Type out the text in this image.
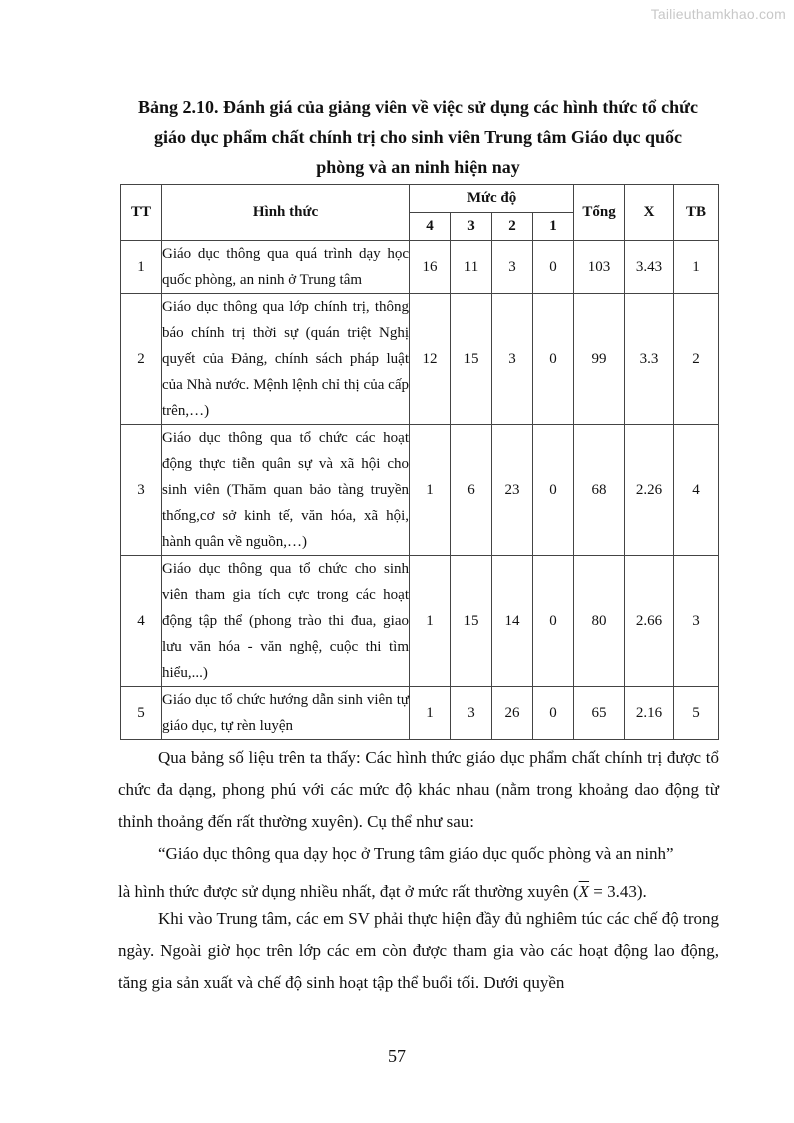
Tailieuthamkhao.com
Bảng 2.10. Đánh giá của giảng viên về việc sử dụng các hình thức tổ chức
giáo dục phẩm chất chính trị cho sinh viên Trung tâm Giáo dục quốc
phòng và an ninh hiện nay
TT	Hình thức	Mức độ				Tổng	X	TB
		4	3	2	1			
1	Giáo dục thông qua quá trình dạy học quốc phòng, an ninh ở Trung tâm	16	11	3	0	103	3.43	1
2	Giáo dục thông qua lớp chính trị, thông báo chính trị thời sự (quán triệt Nghị quyết của Đảng, chính sách pháp luật của Nhà nước. Mệnh lệnh chỉ thị của cấp trên,…)	12	15	3	0	99	3.3	2
3	Giáo dục thông qua tổ chức các hoạt động thực tiễn quân sự và xã hội cho sinh viên (Thăm quan bảo tàng truyền thống,cơ sở kinh tế, văn hóa, xã hội, hành quân về nguồn,…)	1	6	23	0	68	2.26	4
4	Giáo dục thông qua tổ chức cho sinh viên tham gia tích cực trong các hoạt động tập thể (phong trào thi đua, giao lưu văn hóa - văn nghệ, cuộc thi tìm hiểu,...)	1	15	14	0	80	2.66	3
5	Giáo dục tổ chức hướng dẫn sinh viên tự giáo dục, tự rèn luyện	1	3	26	0	65	2.16	5
Qua bảng số liệu trên ta thấy: Các hình thức giáo dục phẩm chất chính trị được tổ chức đa dạng, phong phú với các mức độ khác nhau (nằm trong khoảng dao động từ thỉnh thoảng đến rất thường xuyên). Cụ thể như sau:
“Giáo dục thông qua dạy học ở Trung tâm giáo dục quốc phòng và an ninh”
là hình thức được sử dụng nhiều nhất, đạt ở mức rất thường xuyên $(\overline{X} = 3.43)$.
Khi vào Trung tâm, các em SV phải thực hiện đầy đủ nghiêm túc các chế độ trong ngày. Ngoài giờ học trên lớp các em còn được tham gia vào các hoạt động lao động, tăng gia sản xuất và chế độ sinh hoạt tập thể buổi tối. Dưới quyền
57
